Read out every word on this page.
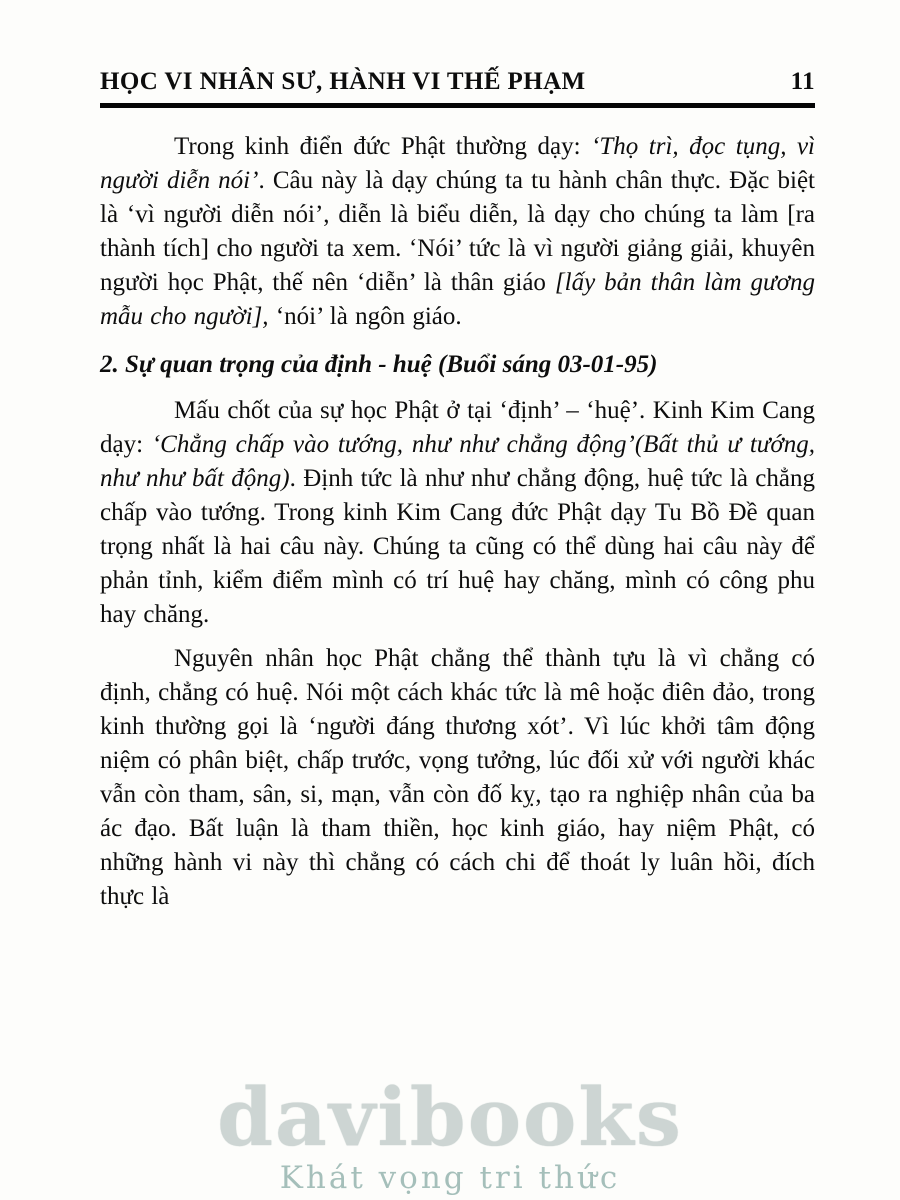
HỌC VI NHÂN SƯ, HÀNH VI THẾ PHẠM	11

Trong kinh điển đức Phật thường dạy: ‘Thọ trì, đọc tụng, vì người diễn nói’. Câu này là dạy chúng ta tu hành chân thực. Đặc biệt là ‘vì người diễn nói’, diễn là biểu diễn, là dạy cho chúng ta làm [ra thành tích] cho người ta xem. ‘Nói’ tức là vì người giảng giải, khuyên người học Phật, thế nên ‘diễn’ là thân giáo [lấy bản thân làm gương mẫu cho người], ‘nói’ là ngôn giáo.

2. Sự quan trọng của định - huệ (Buổi sáng 03-01-95)

Mấu chốt của sự học Phật ở tại ‘định’ – ‘huệ’. Kinh Kim Cang dạy: ‘Chẳng chấp vào tướng, như như chẳng động’(Bất thủ ư tướng, như như bất động). Định tức là như như chẳng động, huệ tức là chẳng chấp vào tướng. Trong kinh Kim Cang đức Phật dạy Tu Bồ Đề quan trọng nhất là hai câu này. Chúng ta cũng có thể dùng hai câu này để phản tỉnh, kiểm điểm mình có trí huệ hay chăng, mình có công phu hay chăng.

Nguyên nhân học Phật chẳng thể thành tựu là vì chẳng có định, chẳng có huệ. Nói một cách khác tức là mê hoặc điên đảo, trong kinh thường gọi là ‘người đáng thương xót’. Vì lúc khởi tâm động niệm có phân biệt, chấp trước, vọng tưởng, lúc đối xử với người khác vẫn còn tham, sân, si, mạn, vẫn còn đố kỵ, tạo ra nghiệp nhân của ba ác đạo. Bất luận là tham thiền, học kinh giáo, hay niệm Phật, có những hành vi này thì chẳng có cách chi để thoát ly luân hồi, đích thực là

davibooks
Khát vọng tri thức
